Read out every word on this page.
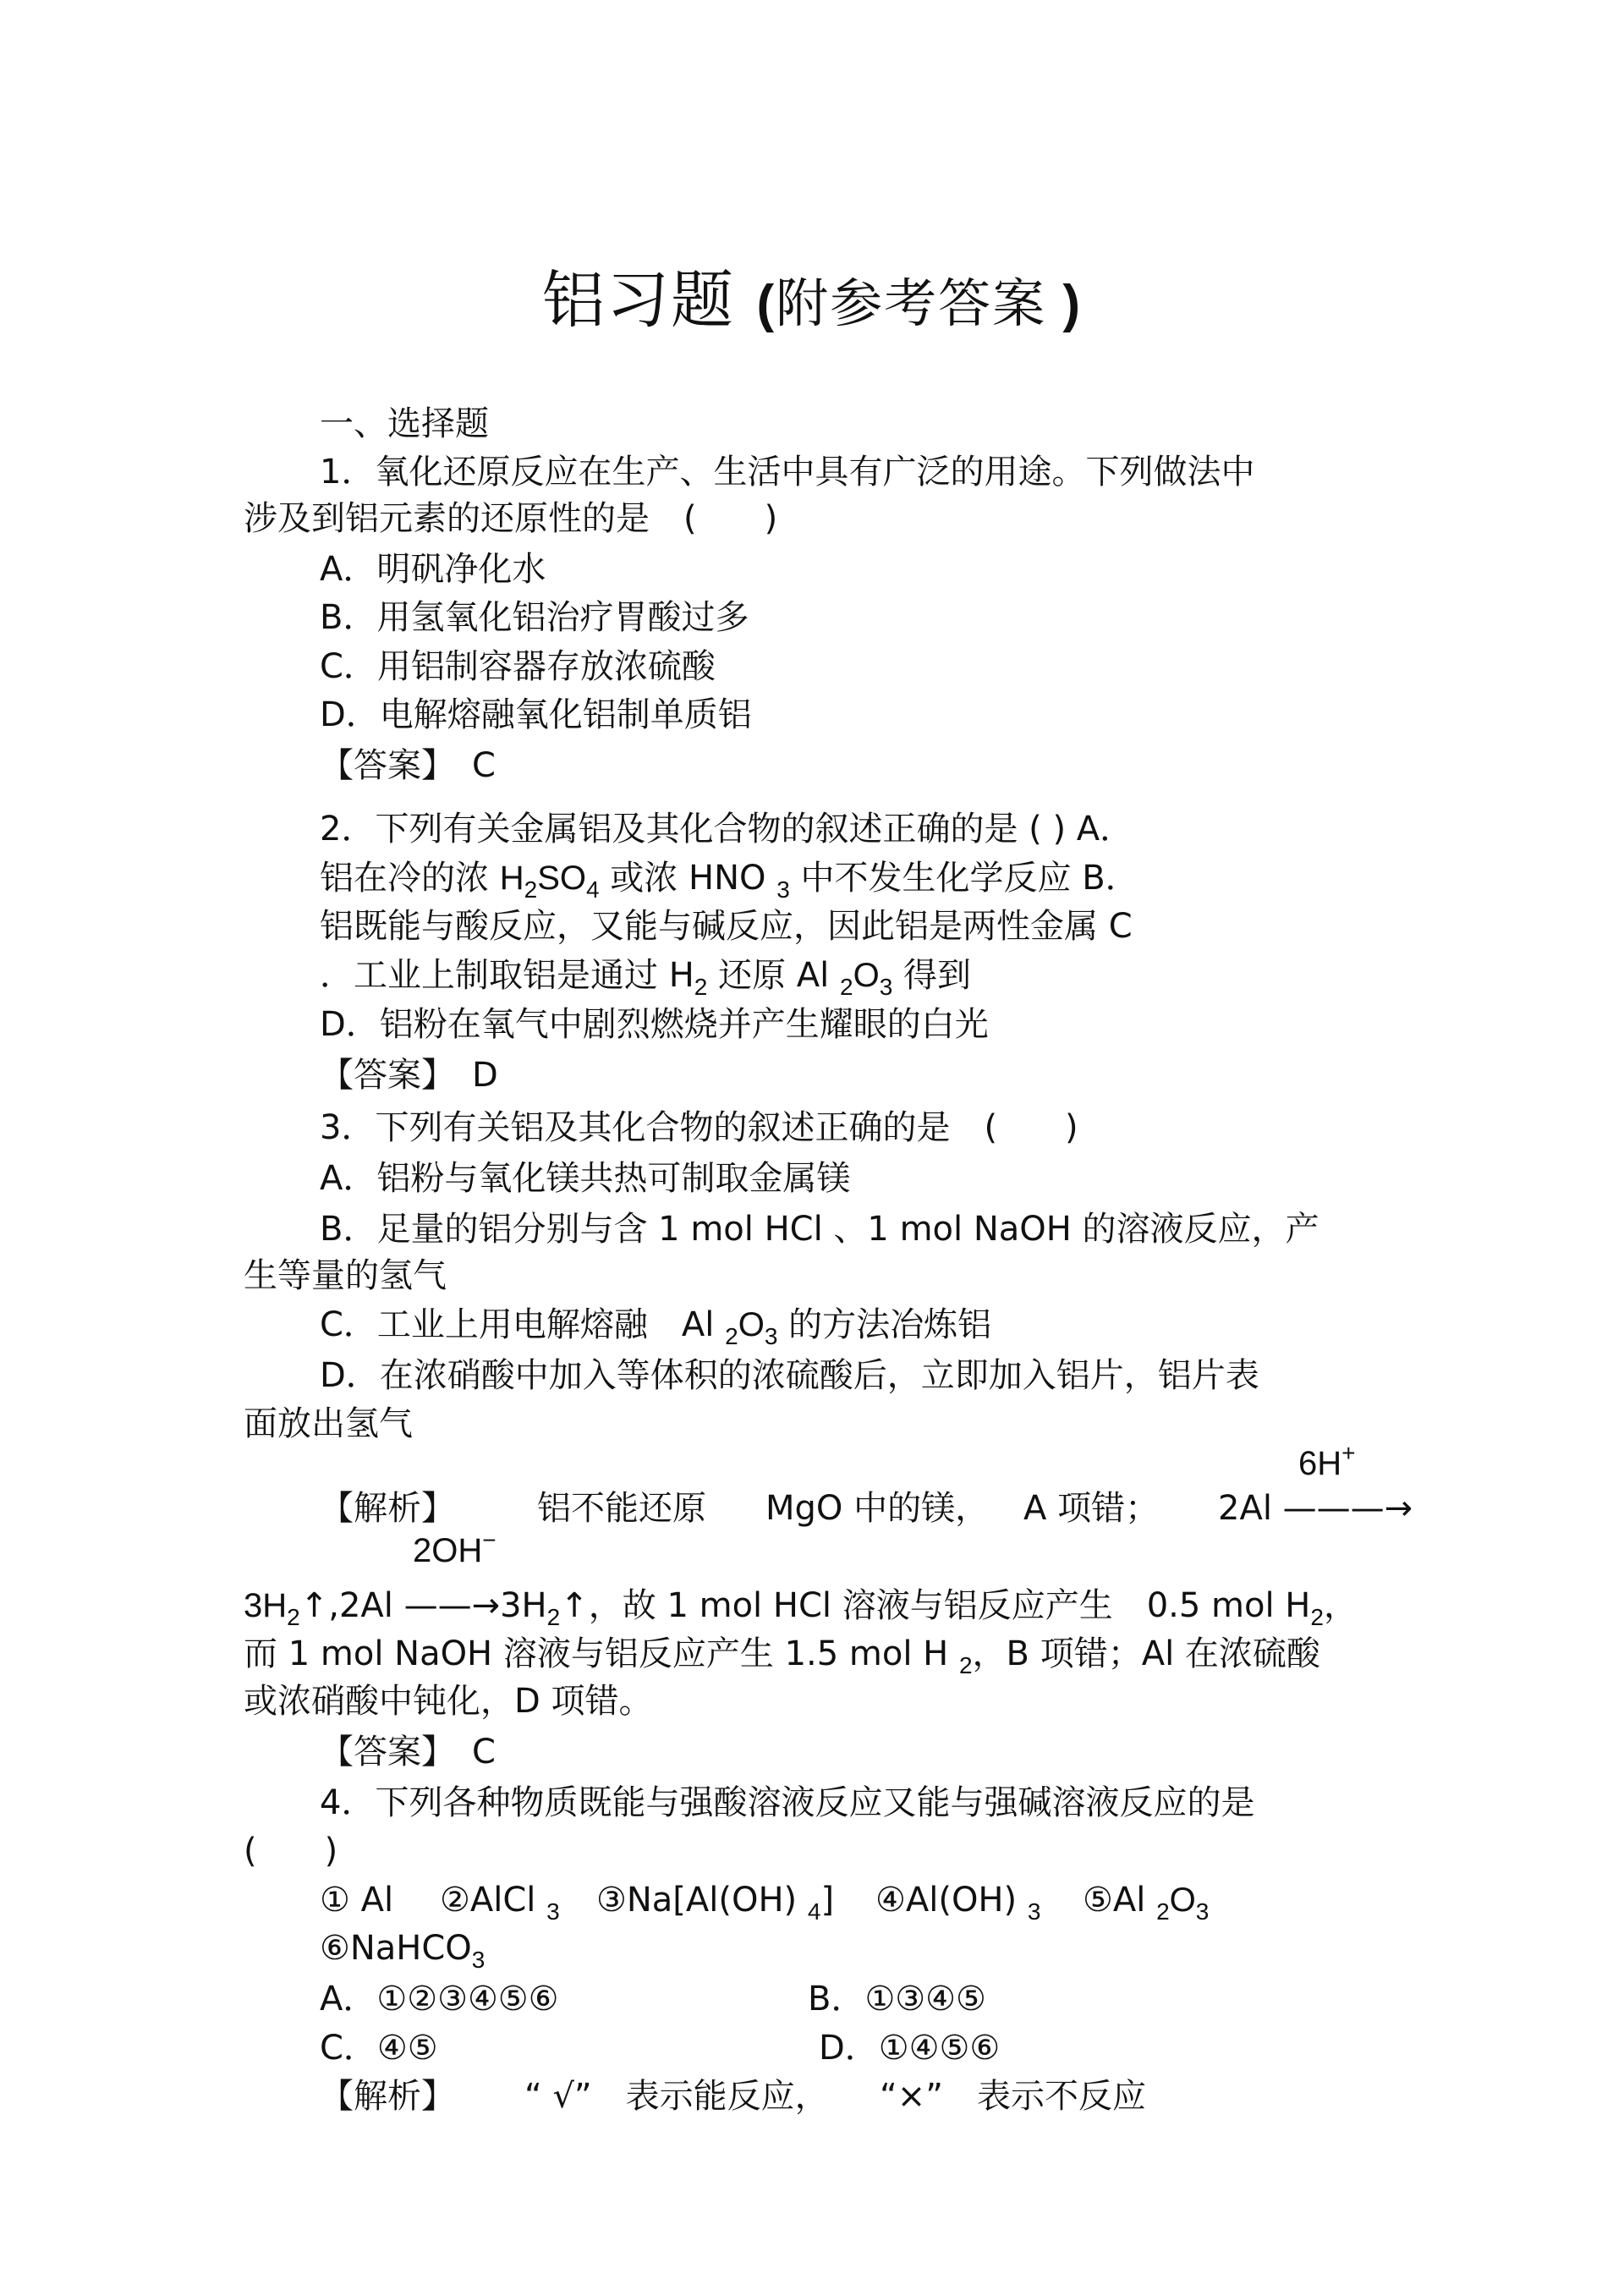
铝习题 (附参考答案 )
一、选择题
1．氧化还原反应在生产、生活中具有广泛的用途。下列做法中
涉及到铝元素的还原性的是　(　　)
A．明矾净化水
B．用氢氧化铝治疗胃酸过多
C．用铝制容器存放浓硫酸
D．电解熔融氧化铝制单质铝
【答案】　C
2．下列有关金属铝及其化合物的叙述正确的是 ( ) A．
铝在冷的浓 $H_2SO_4$ 或浓 HNO $_3$ 中不发生化学反应 B．
铝既能与酸反应，又能与碱反应，因此铝是两性金属 C
．工业上制取铝是通过 $H_2$ 还原 Al $_2O_3$ 得到
D．铝粉在氧气中剧烈燃烧并产生耀眼的白光
【答案】　D
3．下列有关铝及其化合物的叙述正确的是　(　　)
A．铝粉与氧化镁共热可制取金属镁
B．足量的铝分别与含 1 mol HCl 、1 mol NaOH 的溶液反应，产
生等量的氢气
C．工业上用电解熔融　Al $_2O_3$ 的方法冶炼铝
D．在浓硝酸中加入等体积的浓硫酸后，立即加入铝片，铝片表
面放出氢气
6H+
【解析】 铝不能还原 MgO 中的镁， A 项错； 2Al ———→
2OH−
$3H_2↑,2Al$ $——\to 3H_2↑$，故 1 mol HCl 溶液与铝反应产生　0.5 mol $H_2$，
而 1 mol NaOH 溶液与铝反应产生 1.5 mol H $_2$，B 项错；Al 在浓硫酸
或浓硝酸中钝化，D 项错。
【答案】　C
4．下列各种物质既能与强酸溶液反应又能与强碱溶液反应的是
(　　)
① Al ②AlCl $_3$ ③Na[Al(OH) $_4$] ④Al(OH) $_3$ ⑤Al $_2O_3$
⑥NaHCO$_3$
A．①②③④⑤⑥	B．①③④⑤
C．④⑤	D．①④⑤⑥
【解析】 “ √”　表示能反应， “×”　表示不反应
